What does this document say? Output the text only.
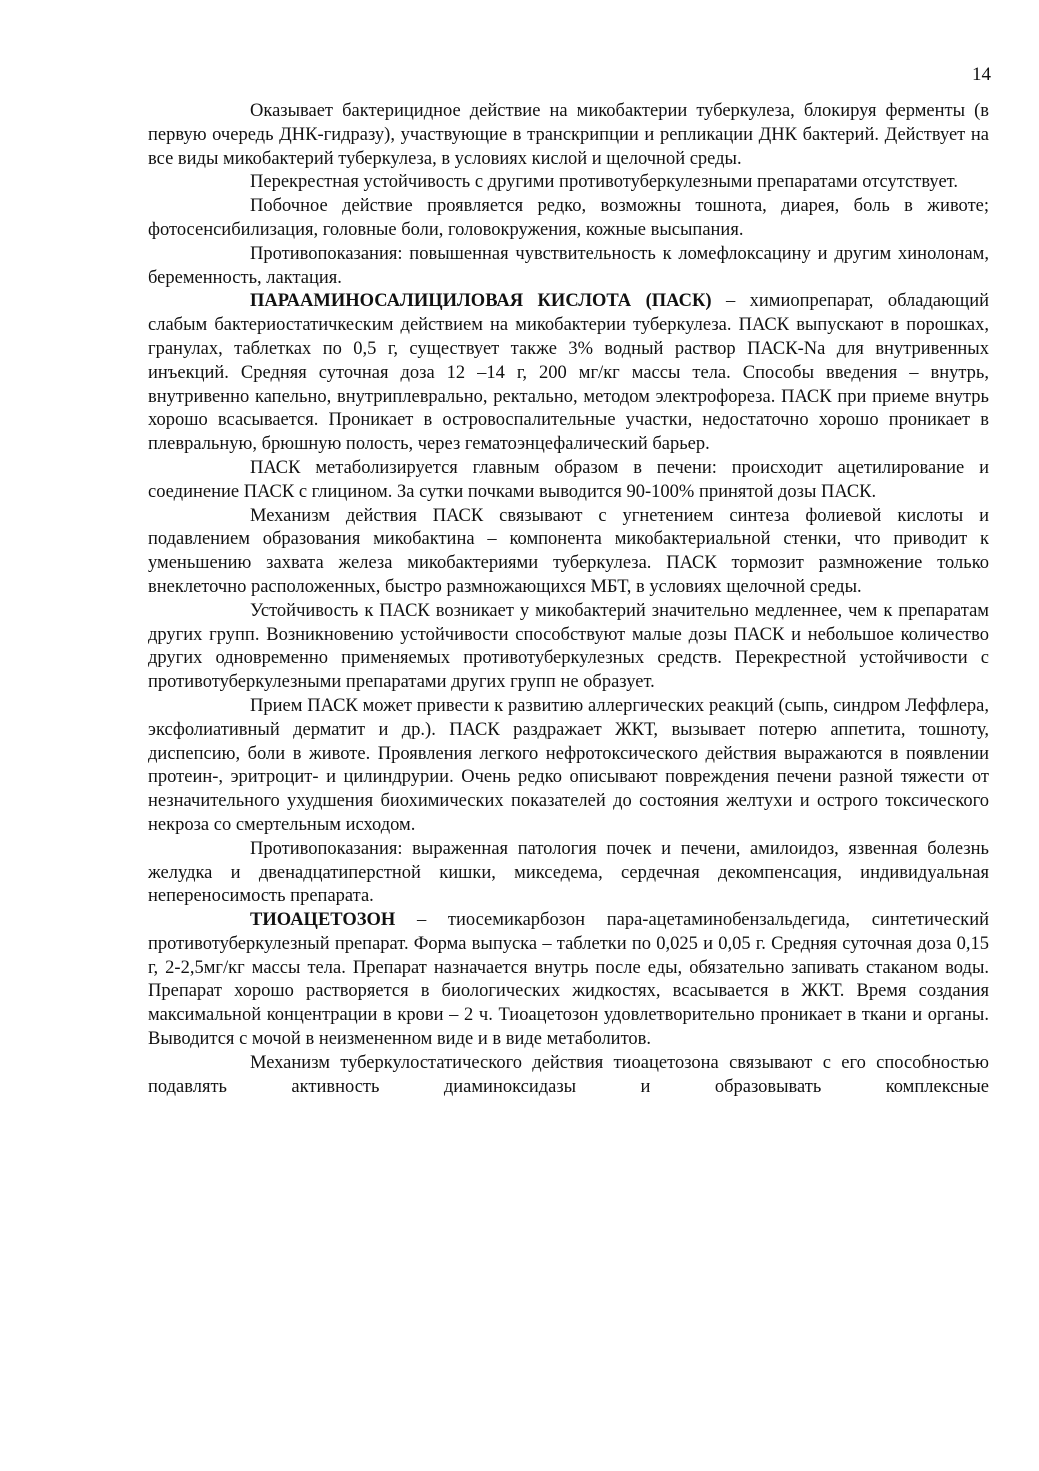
14

Оказывает бактерицидное действие на микобактерии туберкулеза, блокируя ферменты (в первую очередь ДНК-гидразу), участвующие в транскрипции и репликации ДНК бактерий. Действует на все виды микобактерий туберкулеза, в условиях кислой и щелочной среды.

Перекрестная устойчивость с другими противотуберкулезными препаратами отсутствует.

Побочное действие проявляется редко, возможны тошнота, диарея, боль в животе; фотосенсибилизация, головные боли, головокружения, кожные высыпания.

Противопоказания: повышенная чувствительность к ломефлоксацину и другим хинолонам, беременность, лактация.

ПАРААМИНОСАЛИЦИЛОВАЯ КИСЛОТА (ПАСК) – химиопрепарат, обладающий слабым бактериостатичкеским действием на микобактерии туберкулеза. ПАСК выпускают в порошках, гранулах, таблетках по 0,5 г, существует также 3% водный раствор ПАСК-Na для внутривенных инъекций. Средняя суточная доза 12 –14 г, 200 мг/кг массы тела. Способы введения – внутрь, внутривенно капельно, внутриплеврально, ректально, методом электрофореза. ПАСК при приеме внутрь хорошо всасывается. Проникает в островоспалительные участки, недостаточно хорошо проникает в плевральную, брюшную полость, через гематоэнцефалический барьер.

ПАСК метаболизируется главным образом в печени: происходит ацетилирование и соединение ПАСК с глицином. За сутки почками выводится 90-100% принятой дозы ПАСК.

Механизм действия ПАСК связывают с угнетением синтеза фолиевой кислоты и подавлением образования микобактина – компонента микобактериальной стенки, что приводит к уменьшению захвата железа микобактериями туберкулеза. ПАСК тормозит размножение только внеклеточно расположенных, быстро размножающихся МБТ, в условиях щелочной среды.

Устойчивость к ПАСК возникает у микобактерий значительно медленнее, чем к препаратам других групп. Возникновению устойчивости способствуют малые дозы ПАСК и небольшое количество других одновременно применяемых противотуберкулезных средств. Перекрестной устойчивости с противотуберкулезными препаратами других групп не образует.

Прием ПАСК может привести к развитию аллергических реакций (сыпь, синдром Леффлера, эксфолиативный дерматит и др.). ПАСК раздражает ЖКТ, вызывает потерю аппетита, тошноту, диспепсию, боли в животе. Проявления легкого нефротоксического действия выражаются в появлении протеин-, эритроцит- и цилиндрурии. Очень редко описывают повреждения печени разной тяжести от незначительного ухудшения биохимических показателей до состояния желтухи и острого токсического некроза со смертельным исходом.

Противопоказания: выраженная патология почек и печени, амилоидоз, язвенная болезнь желудка и двенадцатиперстной кишки, микседема, сердечная декомпенсация, индивидуальная непереносимость препарата.

ТИОАЦЕТОЗОН – тиосемикарбозон пара-ацетаминобензальдегида, синтетический противотуберкулезный препарат. Форма выпуска – таблетки по 0,025 и 0,05 г. Средняя суточная доза 0,15 г, 2-2,5мг/кг массы тела. Препарат назначается внутрь после еды, обязательно запивать стаканом воды. Препарат хорошо растворяется в биологических жидкостях, всасывается в ЖКТ. Время создания максимальной концентрации в крови – 2 ч. Тиоацетозон удовлетворительно проникает в ткани и органы. Выводится с мочой в неизмененном виде и в виде метаболитов.

Механизм туберкулостатического действия тиоацетозона связывают с его способностью подавлять активность диаминоксидазы и образовывать комплексные
